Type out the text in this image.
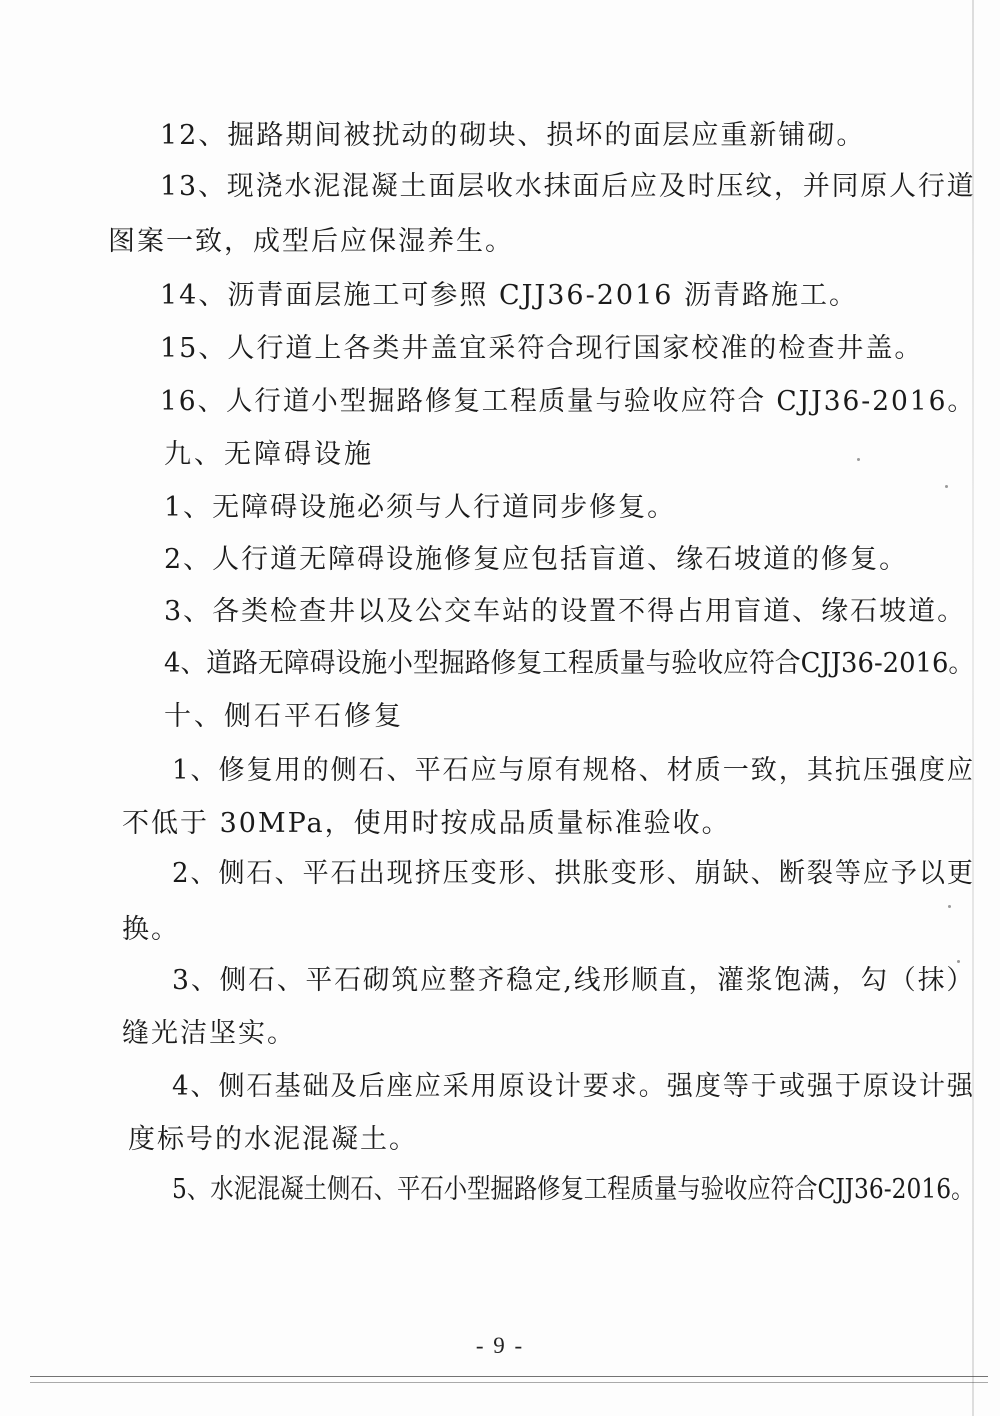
12、掘路期间被扰动的砌块、损坏的面层应重新铺砌。
13、现浇水泥混凝土面层收水抹面后应及时压纹，并同原人行道
图案一致，成型后应保湿养生。
14、沥青面层施工可参照 CJJ36-2016 沥青路施工。
15、人行道上各类井盖宜采符合现行国家校准的检查井盖。
16、人行道小型掘路修复工程质量与验收应符合 CJJ36-2016。
九、无障碍设施
1、无障碍设施必须与人行道同步修复。
2、人行道无障碍设施修复应包括盲道、缘石坡道的修复。
3、各类检查井以及公交车站的设置不得占用盲道、缘石坡道。
4、道路无障碍设施小型掘路修复工程质量与验收应符合CJJ36-2016。
十、侧石平石修复
1、修复用的侧石、平石应与原有规格、材质一致，其抗压强度应
不低于 30MPa，使用时按成品质量标准验收。
2、侧石、平石出现挤压变形、拱胀变形、崩缺、断裂等应予以更
换。
3、侧石、平石砌筑应整齐稳定,线形顺直，灌浆饱满，勾（抹）
缝光洁坚实。
4、侧石基础及后座应采用原设计要求。强度等于或强于原设计强
度标号的水泥混凝土。
5、水泥混凝土侧石、平石小型掘路修复工程质量与验收应符合CJJ36-2016。
- 9 -
